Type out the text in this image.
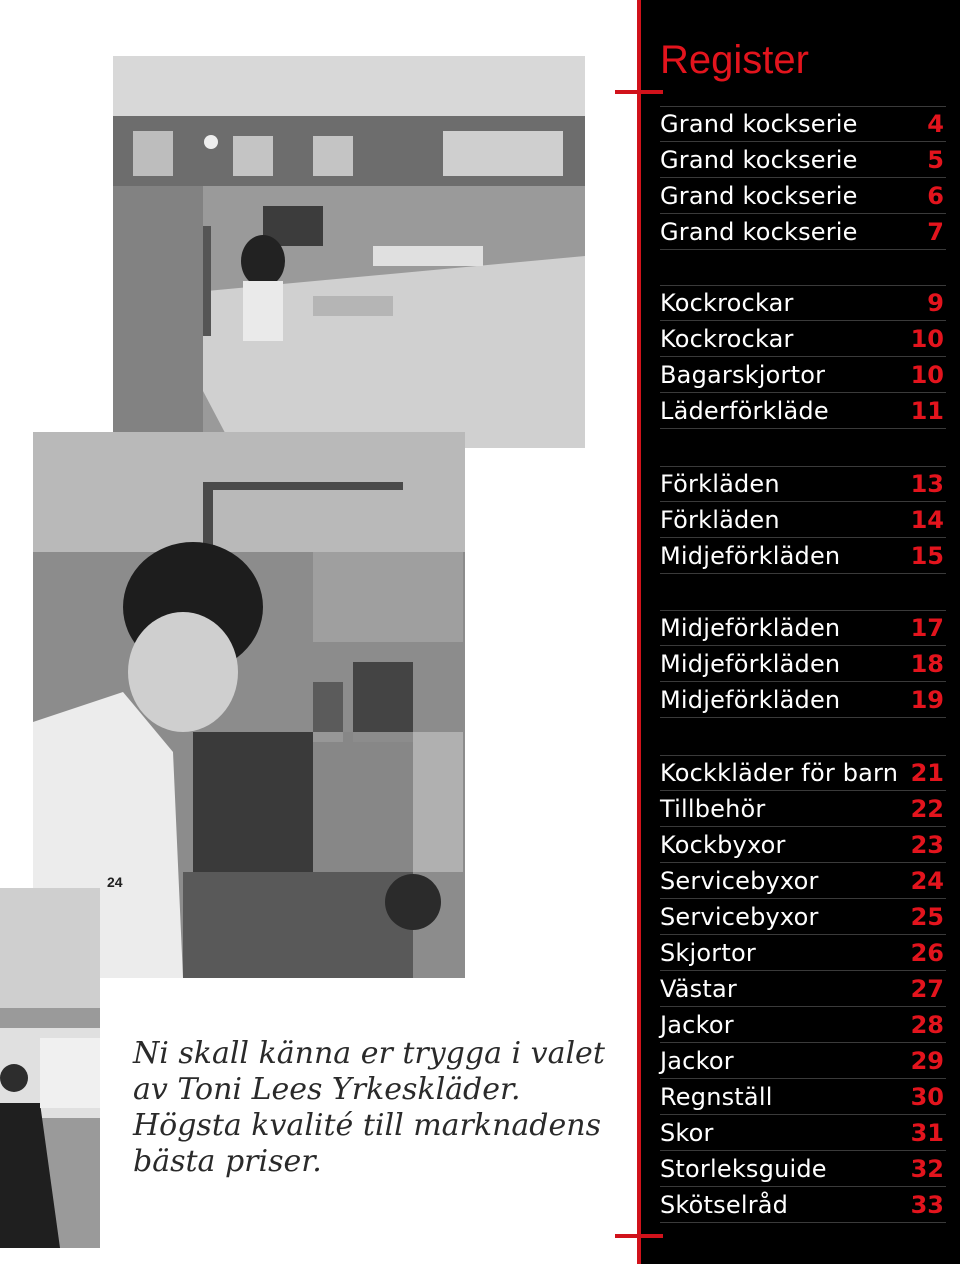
24

Ni skall känna er trygga i valet
av Toni Lees Yrkeskläder.
Högsta kvalité till marknadens
bästa priser.

Register
Grand kockserie	4
Grand kockserie	5
Grand kockserie	6
Grand kockserie	7
Kockrockar	9
Kockrockar	10
Bagarskjortor	10
Läderförkläde	11
Förkläden	13
Förkläden	14
Midjeförkläden	15
Midjeförkläden	17
Midjeförkläden	18
Midjeförkläden	19
Kockkläder för barn 21
Tillbehör	22
Kockbyxor	23
Servicebyxor	24
Servicebyxor	25
Skjortor	26
Västar	27
Jackor	28
Jackor	29
Regnställ	30
Skor	31
Storleksguide	32
Skötselråd	33
